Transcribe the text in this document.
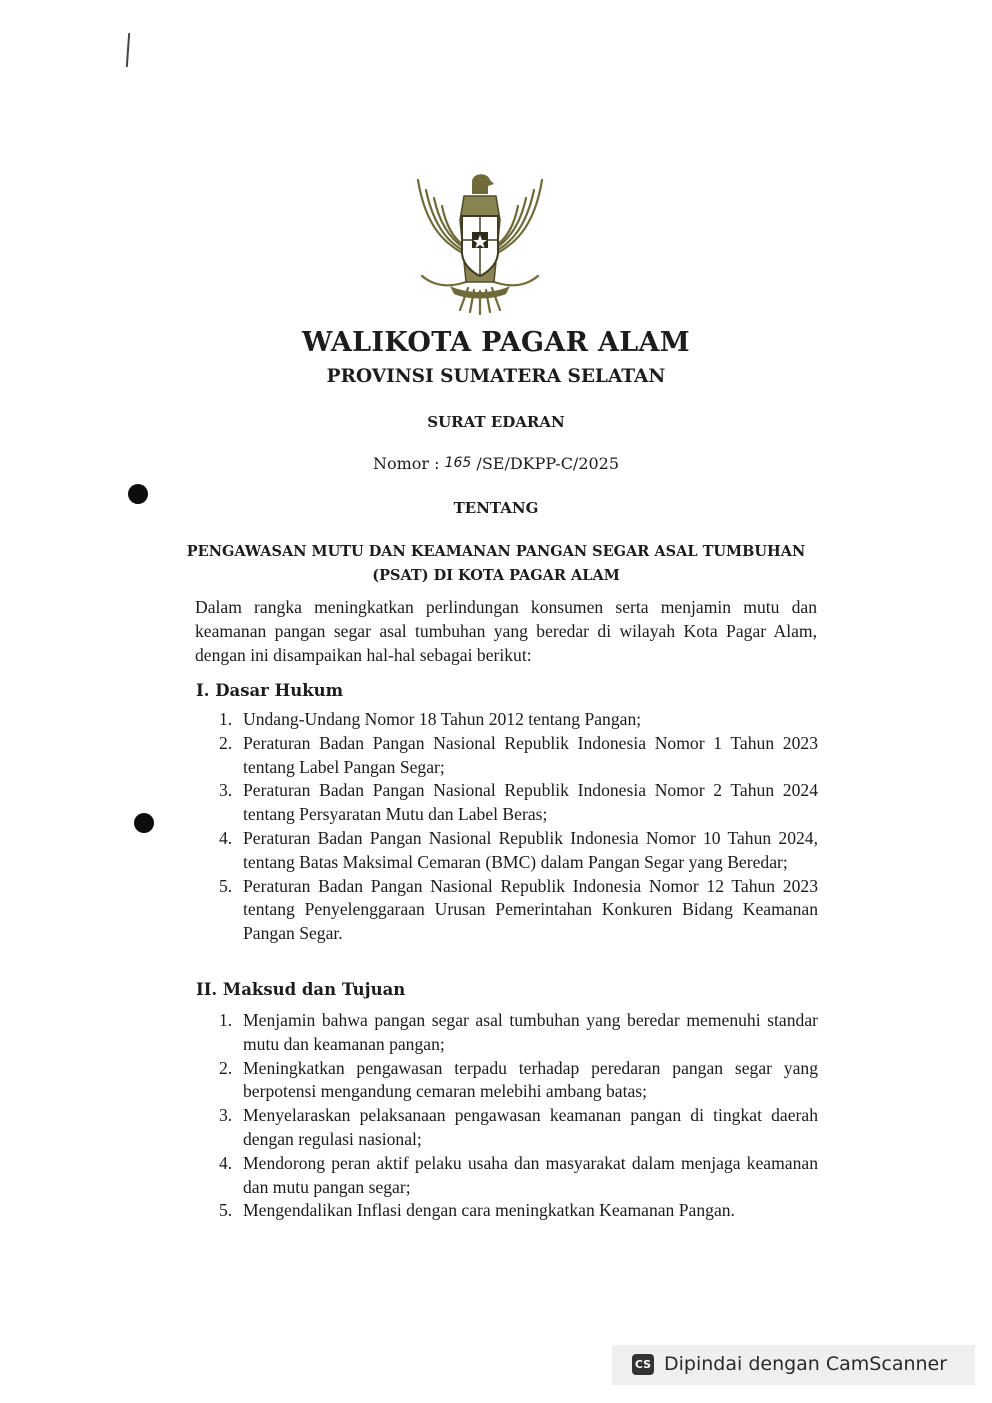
WALIKOTA PAGAR ALAM
PROVINSI SUMATERA SELATAN
SURAT EDARAN
Nomor : 165 /SE/DKPP-C/2025
TENTANG
PENGAWASAN MUTU DAN KEAMANAN PANGAN SEGAR ASAL TUMBUHAN
(PSAT) DI KOTA PAGAR ALAM
Dalam rangka meningkatkan perlindungan konsumen serta menjamin mutu dan keamanan pangan segar asal tumbuhan yang beredar di wilayah Kota Pagar Alam, dengan ini disampaikan hal-hal sebagai berikut:
I. Dasar Hukum
1. Undang-Undang Nomor 18 Tahun 2012 tentang Pangan;
2. Peraturan Badan Pangan Nasional Republik Indonesia Nomor 1 Tahun 2023 tentang Label Pangan Segar;
3. Peraturan Badan Pangan Nasional Republik Indonesia Nomor 2 Tahun 2024 tentang Persyaratan Mutu dan Label Beras;
4. Peraturan Badan Pangan Nasional Republik Indonesia Nomor 10 Tahun 2024, tentang Batas Maksimal Cemaran (BMC) dalam Pangan Segar yang Beredar;
5. Peraturan Badan Pangan Nasional Republik Indonesia Nomor 12 Tahun 2023 tentang Penyelenggaraan Urusan Pemerintahan Konkuren Bidang Keamanan Pangan Segar.
II. Maksud dan Tujuan
1. Menjamin bahwa pangan segar asal tumbuhan yang beredar memenuhi standar mutu dan keamanan pangan;
2. Meningkatkan pengawasan terpadu terhadap peredaran pangan segar yang berpotensi mengandung cemaran melebihi ambang batas;
3. Menyelaraskan pelaksanaan pengawasan keamanan pangan di tingkat daerah dengan regulasi nasional;
4. Mendorong peran aktif pelaku usaha dan masyarakat dalam menjaga keamanan dan mutu pangan segar;
5. Mengendalikan Inflasi dengan cara meningkatkan Keamanan Pangan.
CS Dipindai dengan CamScanner
